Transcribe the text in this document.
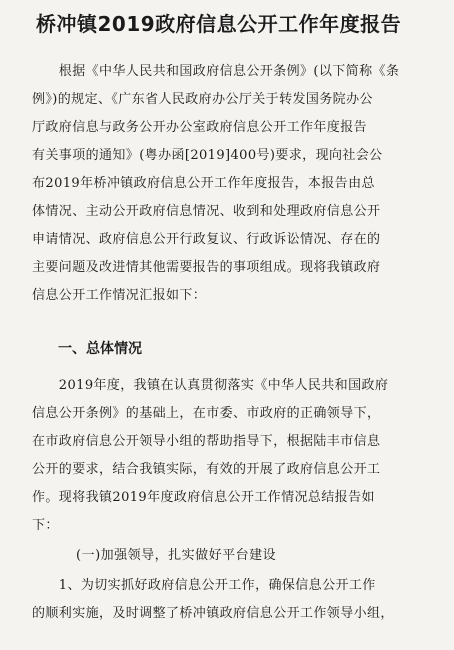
桥冲镇2019政府信息公开工作年度报告
　　根据《中华人民共和国政府信息公开条例》(以下简称《条
例》)的规定、《广东省人民政府办公厅关于转发国务院办公
厅政府信息与政务公开办公室政府信息公开工作年度报告
有关事项的通知》(粤办函[2019]400号)要求，现向社会公
布2019年桥冲镇政府信息公开工作年度报告，本报告由总
体情况、主动公开政府信息情况、收到和处理政府信息公开
申请情况、政府信息公开行政复议、行政诉讼情况、存在的
主要问题及改进情其他需要报告的事项组成。现将我镇政府
信息公开工作情况汇报如下：
一、总体情况
　　2019年度，我镇在认真贯彻落实《中华人民共和国政府
信息公开条例》的基础上，在市委、市政府的正确领导下，
在市政府信息公开领导小组的帮助指导下，根据陆丰市信息
公开的要求，结合我镇实际，有效的开展了政府信息公开工
作。现将我镇2019年度政府信息公开工作情况总结报告如
下：
(一)加强领导，扎实做好平台建设
　　1、为切实抓好政府信息公开工作，确保信息公开工作
的顺利实施，及时调整了桥冲镇政府信息公开工作领导小组，
